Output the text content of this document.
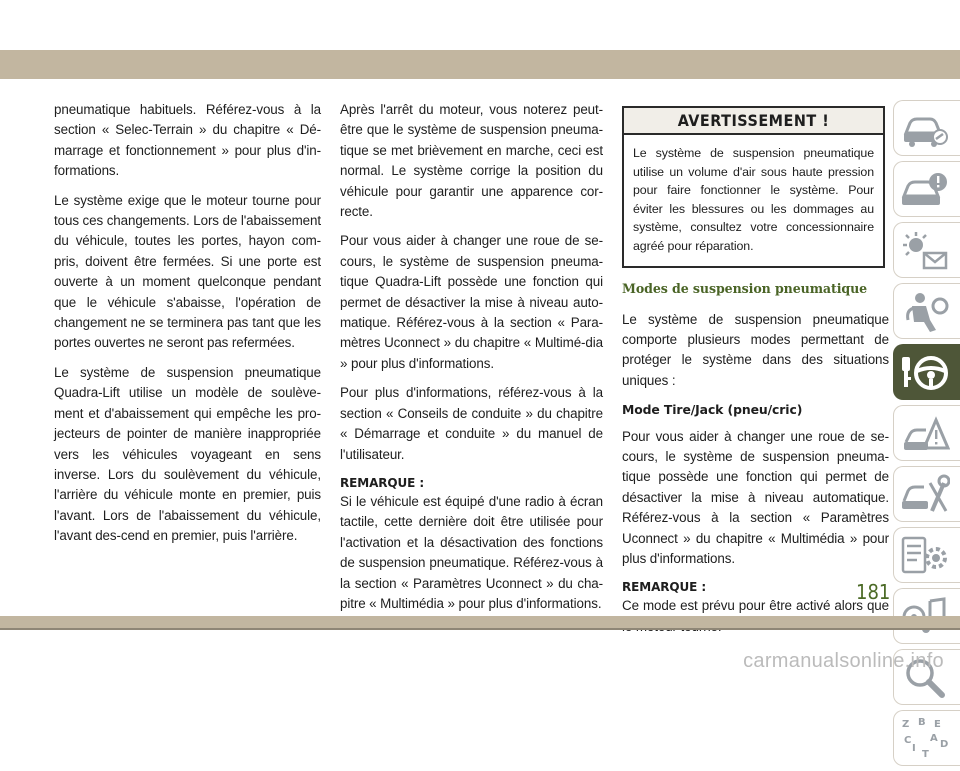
pneumatique habituels. Référez-vous à la section « Selec-Terrain » du chapitre « Dé-marrage et fonctionnement » pour plus d'in-formations.

Le système exige que le moteur tourne pour tous ces changements. Lors de l'abaissement du véhicule, toutes les portes, hayon com-pris, doivent être fermées. Si une porte est ouverte à un moment quelconque pendant que le véhicule s'abaisse, l'opération de changement ne se terminera pas tant que les portes ouvertes ne seront pas refermées.

Le système de suspension pneumatique Quadra-Lift utilise un modèle de soulève-ment et d'abaissement qui empêche les pro-jecteurs de pointer de manière inappropriée vers les véhicules voyageant en sens inverse. Lors du soulèvement du véhicule, l'arrière du véhicule monte en premier, puis l'avant. Lors de l'abaissement du véhicule, l'avant des-cend en premier, puis l'arrière.

Après l'arrêt du moteur, vous noterez peut-être que le système de suspension pneuma-tique se met brièvement en marche, ceci est normal. Le système corrige la position du véhicule pour garantir une apparence cor-recte.

Pour vous aider à changer une roue de se-cours, le système de suspension pneuma-tique Quadra-Lift possède une fonction qui permet de désactiver la mise à niveau auto-matique. Référez-vous à la section « Para-mètres Uconnect » du chapitre « Multimé-dia » pour plus d'informations.

Pour plus d'informations, référez-vous à la section « Conseils de conduite » du chapitre « Démarrage et conduite » du manuel de l'utilisateur.

REMARQUE :
Si le véhicule est équipé d'une radio à écran tactile, cette dernière doit être utilisée pour l'activation et la désactivation des fonctions de suspension pneumatique. Référez-vous à la section « Paramètres Uconnect » du cha-pitre « Multimédia » pour plus d'informations.
AVERTISSEMENT !
Le système de suspension pneumatique utilise un volume d'air sous haute pression pour faire fonctionner le système. Pour éviter les blessures ou les dommages au système, consultez votre concessionnaire agréé pour réparation.
Modes de suspension pneumatique

Le système de suspension pneumatique comporte plusieurs modes permettant de protéger le système dans des situations uniques :

Mode Tire/Jack (pneu/cric)

Pour vous aider à changer une roue de se-cours, le système de suspension pneuma-tique possède une fonction qui permet de désactiver la mise à niveau automatique. Référez-vous à la section « Paramètres Uconnect » du chapitre « Multimédia » pour plus d'informations.

REMARQUE :
Ce mode est prévu pour être activé alors que
Z B E
C A
I D
T
181
carmanualsonline.info
